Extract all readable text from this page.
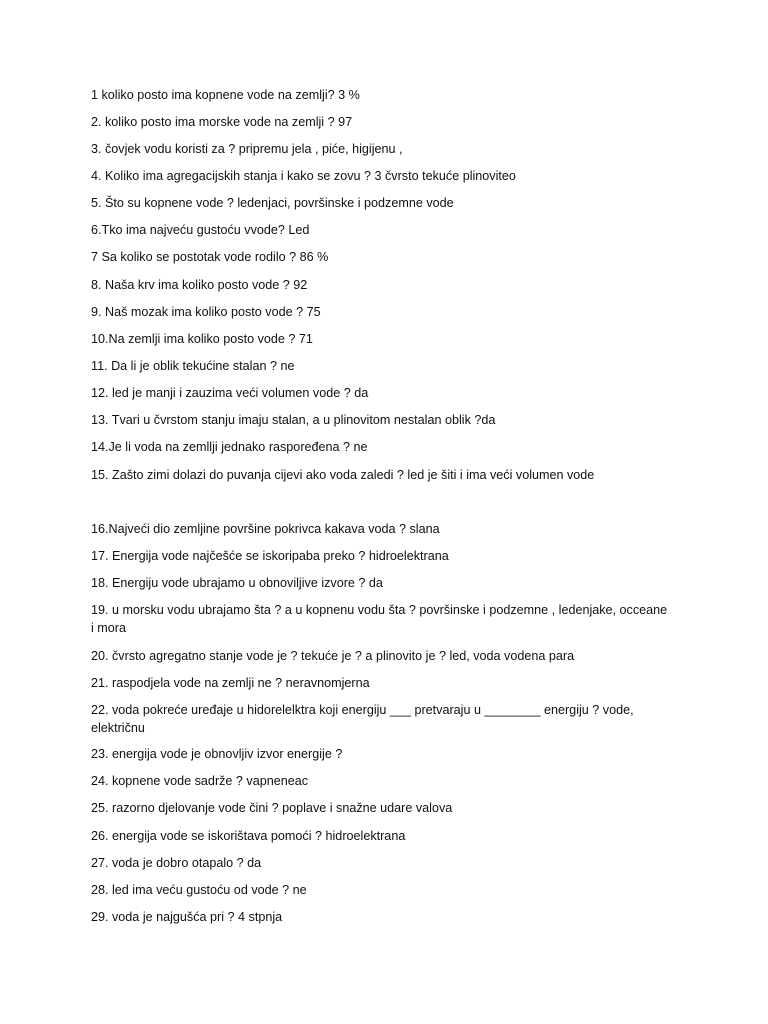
1 koliko posto ima kopnene vode na zemlji? 3 %
2. koliko posto ima morske vode na zemlji ? 97
3. čovjek vodu koristi za ? pripremu jela , piće, higijenu ,
4. Koliko ima agregacijskih stanja i kako se zovu ? 3 čvrsto tekuće plinoviteo
5. Što su kopnene vode ? ledenjaci, površinske i podzemne vode
6.Tko ima najveću gustoću vvode? Led
7 Sa koliko se postotak vode rodilo ? 86 %
8. Naša krv ima koliko posto vode ? 92
9. Naš mozak ima koliko posto vode ? 75
10.Na zemlji ima koliko posto vode ? 71
11. Da li je oblik tekućine stalan ? ne
12. led je manji i zauzima veći volumen vode ? da
13. Tvari u čvrstom stanju imaju stalan, a u plinovitom nestalan oblik ?da
14.Je li voda na zemllji jednako raspoređena ? ne
15. Zašto zimi dolazi do puvanja cijevi ako voda zaledi ? led je šiti i ima veći volumen vode
16.Najveći dio zemljine površine pokrivca kakava voda ? slana
17. Energija vode najčešće se iskoripaba preko ? hidroelektrana
18. Energiju vode ubrajamo u obnoviljive izvore ? da
19. u morsku vodu ubrajamo šta ? a u kopnenu vodu šta ? površinske i podzemne , ledenjake, occeane i mora
20. čvrsto agregatno stanje vode je ? tekuće je ? a plinovito je ? led, voda vodena para
21. raspodjela vode na zemlji ne ? neravnomjerna
22. voda pokreće uređaje u hidorelelktra koji energiju ___ pretvaraju u ________ energiju ? vode, električnu
23. energija vode je obnovljiv izvor energije ?
24. kopnene vode sadrže ? vapneneac
25. razorno djelovanje vode čini ? poplave i snažne udare valova
26. energija vode se iskorištava pomoći ? hidroelektrana
27. voda je dobro otapalo ? da
28. led ima veću gustoću od vode ? ne
29. voda je najgušća pri ? 4 stpnja
